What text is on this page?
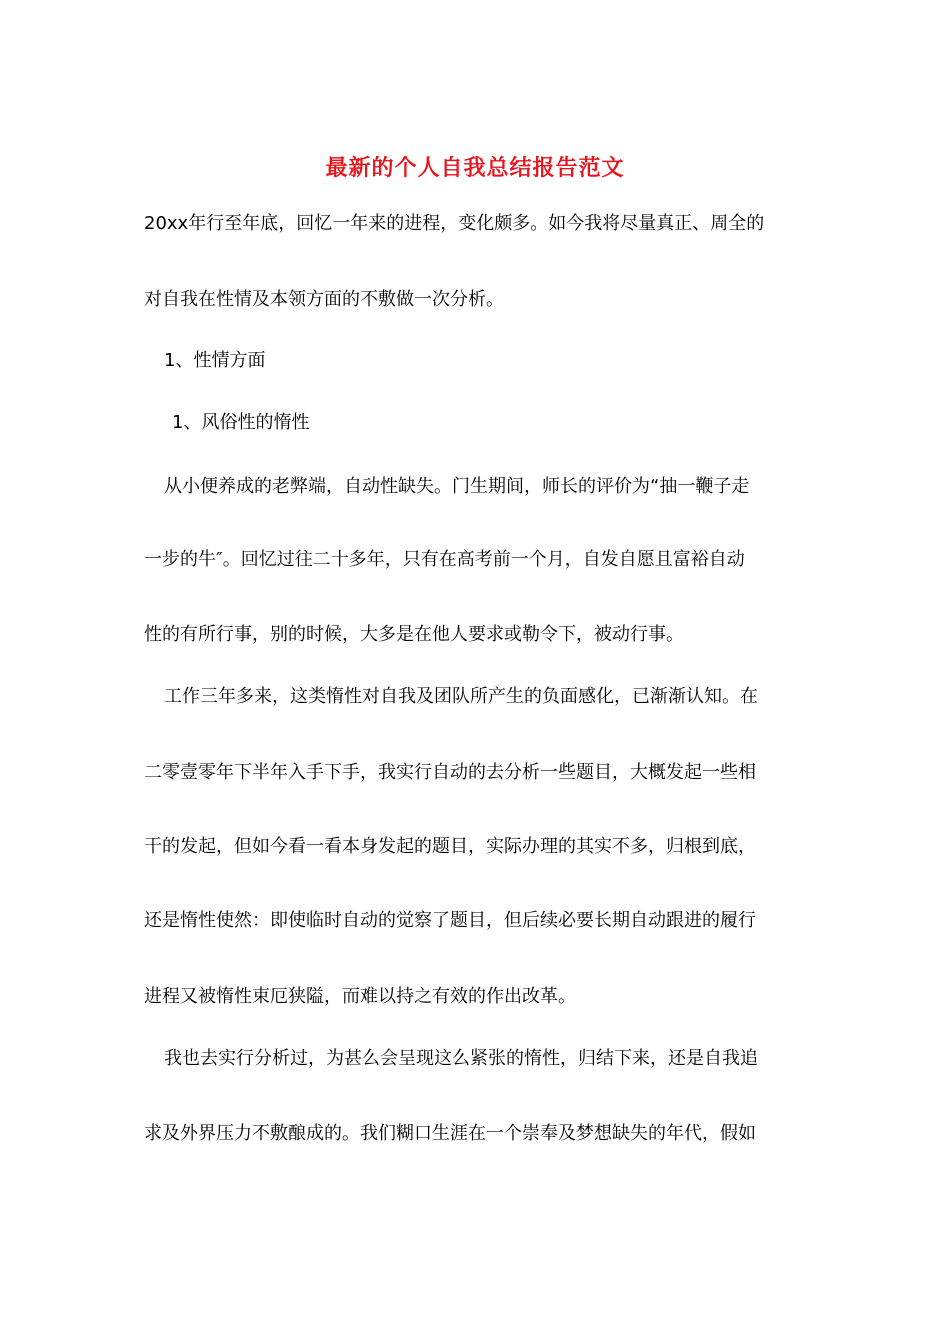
最新的个人自我总结报告范文
20xx年行至年底，回忆一年来的进程，变化颇多。如今我将尽量真正、周全的
对自我在性情及本领方面的不敷做一次分析。
1、性情方面
1、风俗性的惰性
从小便养成的老弊端，自动性缺失。门生期间，师长的评价为“抽一鞭子走
一步的牛″。回忆过往二十多年，只有在高考前一个月，自发自愿且富裕自动
性的有所行事，别的时候，大多是在他人要求或勒令下，被动行事。
工作三年多来，这类惰性对自我及团队所产生的负面感化，已渐渐认知。在
二零壹零年下半年入手下手，我实行自动的去分析一些题目，大概发起一些相
干的发起，但如今看一看本身发起的题目，实际办理的其实不多，归根到底，
还是惰性使然：即使临时自动的觉察了题目，但后续必要长期自动跟进的履行
进程又被惰性束厄狭隘，而难以持之有效的作出改革。
我也去实行分析过，为甚么会呈现这么紧张的惰性，归结下来，还是自我追
求及外界压力不敷酿成的。我们糊口生涯在一个崇奉及梦想缺失的年代，假如
